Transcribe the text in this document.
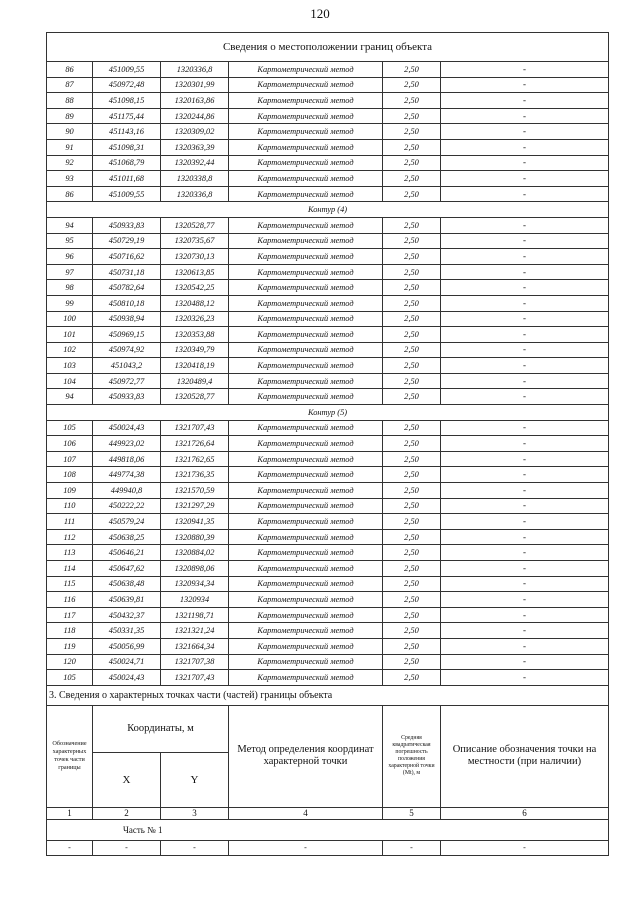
120
Сведения о местоположении границ объекта					
86	451009,55	1320336,8	Картометрический метод	2,50	-
87	450972,48	1320301,99	Картометрический метод	2,50	-
88	451098,15	1320163,86	Картометрический метод	2,50	-
89	451175,44	1320244,86	Картометрический метод	2,50	-
90	451143,16	1320309,02	Картометрический метод	2,50	-
91	451098,31	1320363,39	Картометрический метод	2,50	-
92	451068,79	1320392,44	Картометрический метод	2,50	-
93	451011,68	1320338,8	Картометрический метод	2,50	-
86	451009,55	1320336,8	Картометрический метод	2,50	-
Контур (4)					
94	450933,83	1320528,77	Картометрический метод	2,50	-
95	450729,19	1320735,67	Картометрический метод	2,50	-
96	450716,62	1320730,13	Картометрический метод	2,50	-
97	450731,18	1320613,85	Картометрический метод	2,50	-
98	450782,64	1320542,25	Картометрический метод	2,50	-
99	450810,18	1320488,12	Картометрический метод	2,50	-
100	450938,94	1320326,23	Картометрический метод	2,50	-
101	450969,15	1320353,88	Картометрический метод	2,50	-
102	450974,92	1320349,79	Картометрический метод	2,50	-
103	451043,2	1320418,19	Картометрический метод	2,50	-
104	450972,77	1320489,4	Картометрический метод	2,50	-
94	450933,83	1320528,77	Картометрический метод	2,50	-
Контур (5)					
105	450024,43	1321707,43	Картометрический метод	2,50	-
106	449923,02	1321726,64	Картометрический метод	2,50	-
107	449818,06	1321762,65	Картометрический метод	2,50	-
108	449774,38	1321736,35	Картометрический метод	2,50	-
109	449940,8	1321570,59	Картометрический метод	2,50	-
110	450222,22	1321297,29	Картометрический метод	2,50	-
111	450579,24	1320941,35	Картометрический метод	2,50	-
112	450638,25	1320880,39	Картометрический метод	2,50	-
113	450646,21	1320884,02	Картометрический метод	2,50	-
114	450647,62	1320898,06	Картометрический метод	2,50	-
115	450638,48	1320934,34	Картометрический метод	2,50	-
116	450639,81	1320934	Картометрический метод	2,50	-
117	450432,37	1321198,71	Картометрический метод	2,50	-
118	450331,35	1321321,24	Картометрический метод	2,50	-
119	450056,99	1321664,34	Картометрический метод	2,50	-
120	450024,71	1321707,38	Картометрический метод	2,50	-
105	450024,43	1321707,43	Картометрический метод	2,50	-
3. Сведения о характерных точках части (частей) границы объекта					
Обозначение характерных точек части границы	Координаты, м		Метод определения координат характерной точки	Средняя квадратическая погрешность положения характерной точки (Мt), м	Описание обозначения точки на местности (при наличии)
	X	Y			
1	2	3	4	5	6
Часть № 1					
-	-	-	-	-	-
